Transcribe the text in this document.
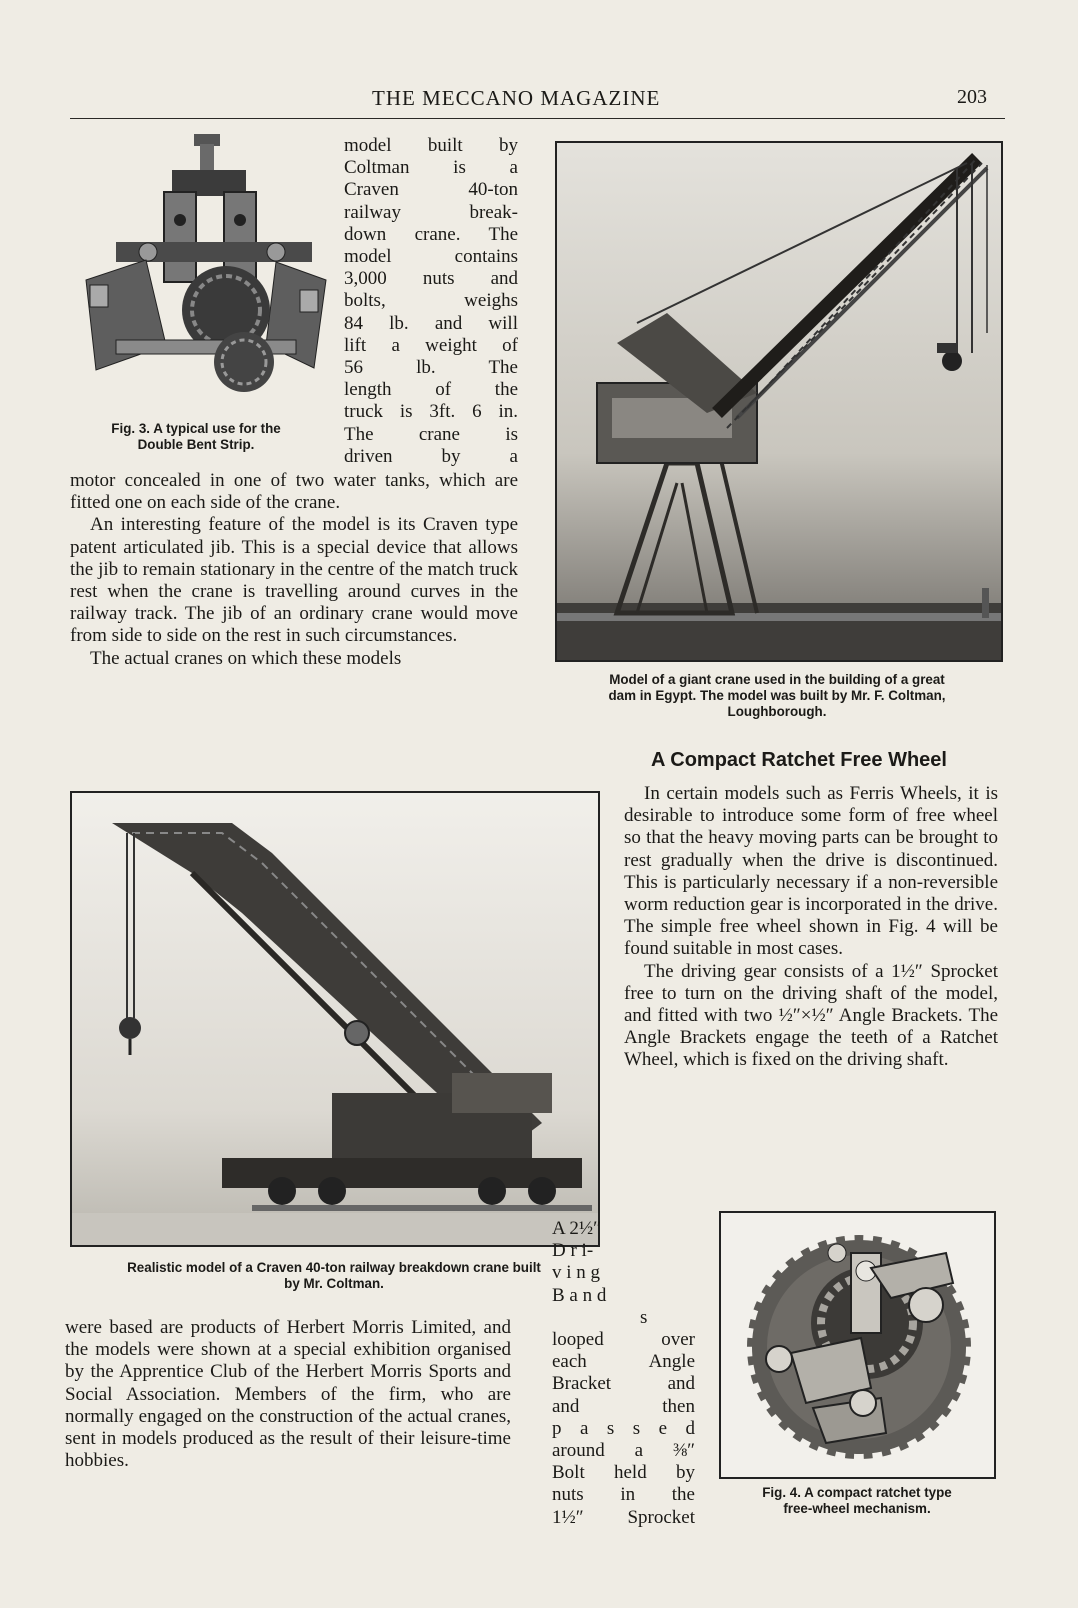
THE MECCANO MAGAZINE	203
Fig. 3. A typical use for the
Double Bent Strip.

model built by

Coltman is a

Craven 40-ton

railway break-

down crane. The

model contains

3,000 nuts and

bolts, weighs

84 lb. and will

lift a weight of

56 lb. The

length of the

truck is 3ft. 6 in.

The crane is

driven by a

motor concealed in one of two water tanks, which are fitted one on each side of the crane.

An interesting feature of the model is its Craven type patent articulated jib. This is a special device that allows the jib to remain stationary in the centre of the match truck rest when the crane is travelling around curves in the railway track. The jib of an ordinary crane would move from side to side on the rest in such circumstances.

The actual cranes on which these models

Model of a giant crane used in the building of a great
dam in Egypt. The model was built by Mr. F. Coltman,
Loughborough.
Realistic model of a Craven 40-ton railway breakdown crane built
by Mr. Coltman.

were based are products of Herbert Morris Limited, and the models were shown at a special exhibition organised by the Apprentice Club of the Herbert Morris Sports and Social Association. Members of the firm, who are normally engaged on the construction of the actual cranes, sent in models produced as the result of their leisure-time hobbies.

A Compact Ratchet Free Wheel

In certain models such as Ferris Wheels, it is desirable to introduce some form of free wheel so that the heavy moving parts can be brought to rest gradually when the drive is discontinued. This is particularly necessary if a non-reversible worm reduction gear is incorporated in the drive. The simple free wheel shown in Fig. 4 will be found suitable in most cases.

The driving gear consists of a 1½″ Sprocket free to turn on the driving shaft of the model, and fitted with two ½″×½″ Angle Brackets. The Angle Brackets engage the teeth of a Ratchet Wheel, which is fixed on the driving shaft.

A 2½″

D r i-

v i n g

B a n d

s

looped over

each Angle

Bracket and

and then

p a s s e d

around a ⅜″

Bolt held by

nuts in the

1½″ Sprocket

Fig. 4. A compact ratchet type
free-wheel mechanism.
